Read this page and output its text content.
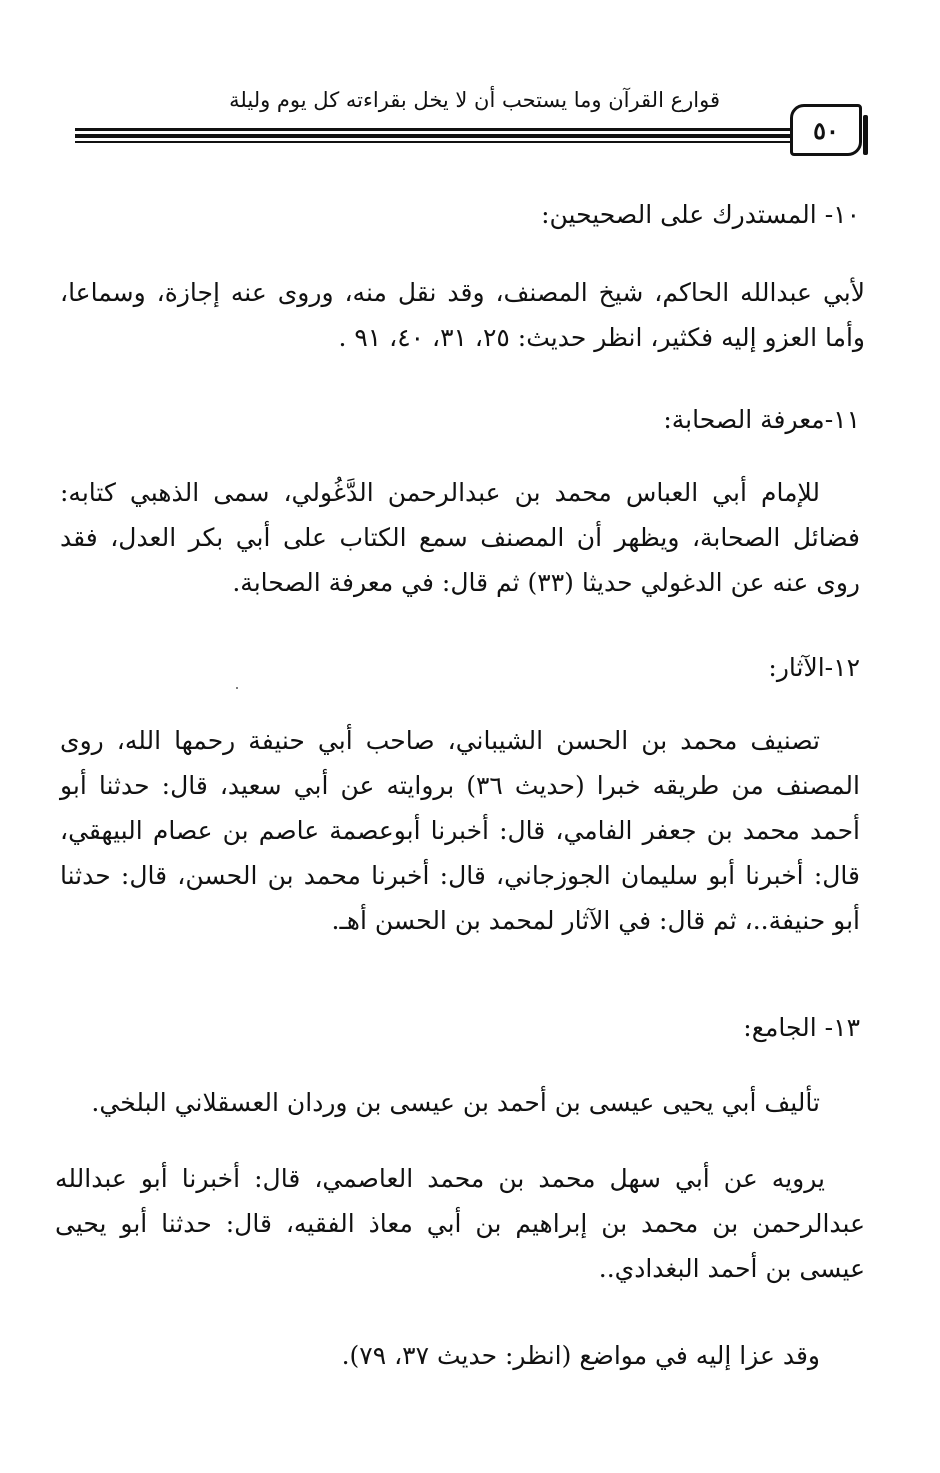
قوارع القرآن وما يستحب أن لا يخل بقراءته كل يوم وليلة
٥٠
١٠- المستدرك على الصحيحين:
لأبي عبدالله الحاكم، شيخ المصنف، وقد نقل منه، وروى عنه إجازة، وسماعا، وأما العزو إليه فكثير، انظر حديث: ٢٥، ٣١، ٤٠، ٩١ .
١١-معرفة الصحابة:
للإمام أبي العباس محمد بن عبدالرحمن الدَّغُولي، سمى الذهبي كتابه: فضائل الصحابة، ويظهر أن المصنف سمع الكتاب على أبي بكر العدل، فقد روى عنه عن الدغولي حديثا (٣٣) ثم قال: في معرفة الصحابة.
١٢-الآثار:
تصنيف محمد بن الحسن الشيباني، صاحب أبي حنيفة رحمها الله، روى المصنف من طريقه خبرا (حديث ٣٦) بروايته عن أبي سعيد، قال: حدثنا أبو أحمد محمد بن جعفر الفامي، قال: أخبرنا أبوعصمة عاصم بن عصام البيهقي، قال: أخبرنا أبو سليمان الجوزجاني، قال: أخبرنا محمد بن الحسن، قال: حدثنا أبو حنيفة..، ثم قال: في الآثار لمحمد بن الحسن أهـ.
١٣- الجامع:
تأليف أبي يحيى عيسى بن أحمد بن عيسى بن وردان العسقلاني البلخي.
يرويه عن أبي سهل محمد بن محمد العاصمي، قال: أخبرنا أبو عبدالله عبدالرحمن بن محمد بن إبراهيم بن أبي معاذ الفقيه، قال: حدثنا أبو يحيى عيسى بن أحمد البغدادي..
وقد عزا إليه في مواضع (انظر: حديث ٣٧، ٧٩).
